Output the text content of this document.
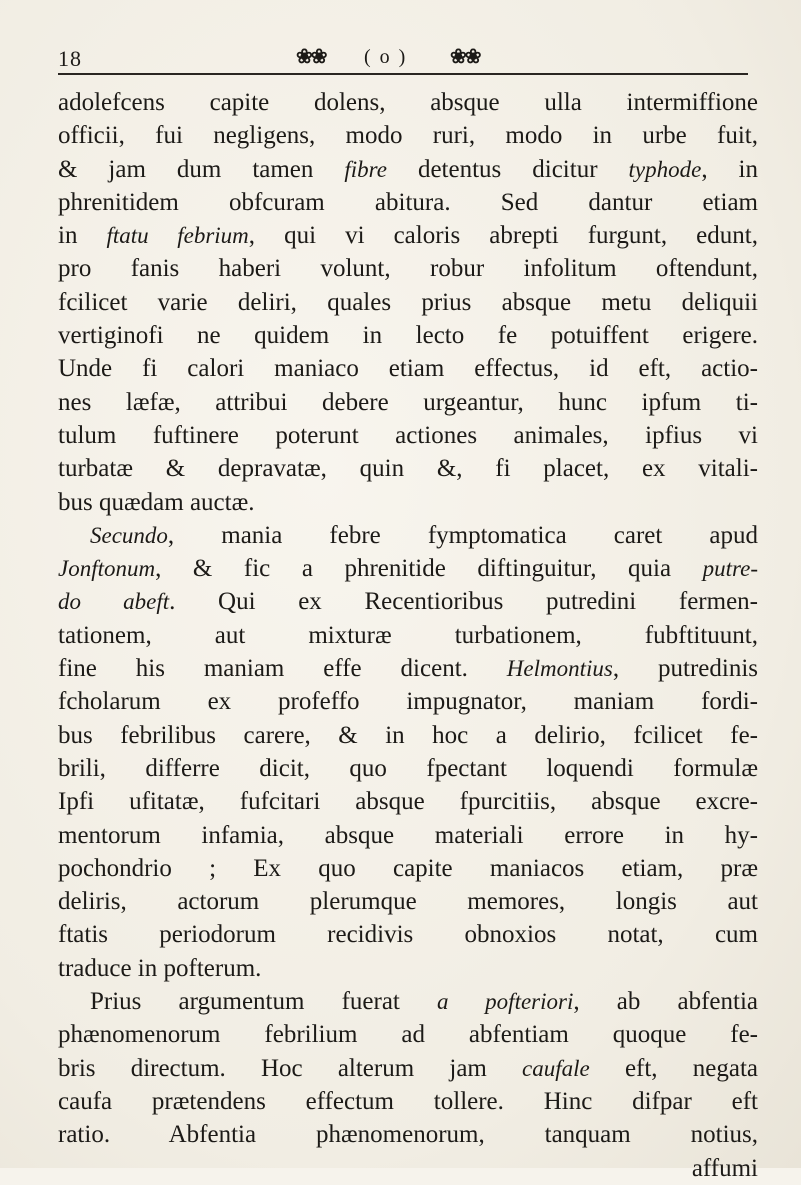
18	❀❀ ( o ) ❀❀
adolefcens capite dolens, absque ulla intermiffione
officii, fui negligens, modo ruri, modo in urbe fuit,
& jam dum tamen fibre detentus dicitur typhode, in
phrenitidem obfcuram abitura. Sed dantur etiam
in ftatu febrium, qui vi caloris abrepti furgunt, edunt,
pro fanis haberi volunt, robur infolitum oftendunt,
fcilicet varie deliri, quales prius absque metu deliquii
vertiginofi ne quidem in lecto fe potuiffent erigere.
Unde fi calori maniaco etiam effectus, id eft, actio-
nes læfæ, attribui debere urgeantur, hunc ipfum ti-
tulum fuftinere poterunt actiones animales, ipfius vi
turbatæ & depravatæ, quin &, fi placet, ex vitali-
bus quædam auctæ.
Secundo, mania febre fymptomatica caret apud
Jonftonum, & fic a phrenitide diftinguitur, quia putre-
do abeft. Qui ex Recentioribus putredini fermen-
tationem, aut mixturæ turbationem, fubftituunt,
fine his maniam effe dicent. Helmontius, putredinis
fcholarum ex profeffo impugnator, maniam fordi-
bus febrilibus carere, & in hoc a delirio, fcilicet fe-
brili, differre dicit, quo fpectant loquendi formulæ
Ipfi ufitatæ, fufcitari absque fpurcitiis, absque excre-
mentorum infamia, absque materiali errore in hy-
pochondrio ; Ex quo capite maniacos etiam, præ
deliris, actorum plerumque memores, longis aut
ftatis periodorum recidivis obnoxios notat, cum
traduce in pofterum.
Prius argumentum fuerat a pofteriori, ab abfentia
phænomenorum febrilium ad abfentiam quoque fe-
bris directum. Hoc alterum jam caufale eft, negata
caufa prætendens effectum tollere. Hinc difpar eft
ratio. Abfentia phænomenorum, tanquam notius,
affumi
